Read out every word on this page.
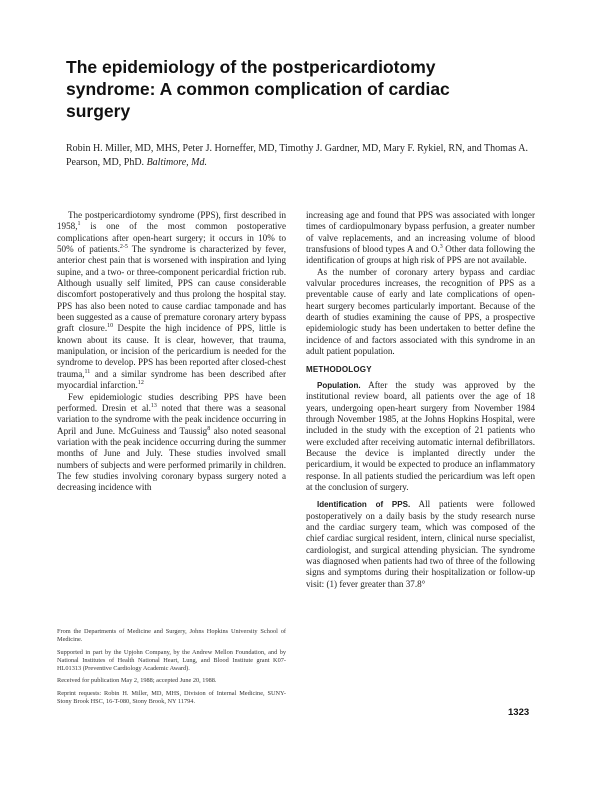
The epidemiology of the postpericardiotomy syndrome: A common complication of cardiac surgery
Robin H. Miller, MD, MHS, Peter J. Horneffer, MD, Timothy J. Gardner, MD, Mary F. Rykiel, RN, and Thomas A. Pearson, MD, PhD. Baltimore, Md.

The postpericardiotomy syndrome (PPS), first described in 1958,$^1$ is one of the most common postoperative complications after open-heart surgery; it occurs in 10% to 50% of patients.$^{2-5}$ The syndrome is characterized by fever, anterior chest pain that is worsened with inspiration and lying supine, and a two- or three-component pericardial friction rub. Although usually self limited, PPS can cause considerable discomfort postoperatively and thus prolong the hospital stay. PPS has also been noted to cause cardiac tamponade and has been suggested as a cause of premature coronary artery bypass graft closure.$^{10}$ Despite the high incidence of PPS, little is known about its cause. It is clear, however, that trauma, manipulation, or incision of the pericardium is needed for the syndrome to develop. PPS has been reported after closed-chest trauma,$^{11}$ and a similar syndrome has been described after myocardial infarction.$^{12}$

Few epidemiologic studies describing PPS have been performed. Dresin et al.$^{13}$ noted that there was a seasonal variation to the syndrome with the peak incidence occurring in April and June. McGuiness and Taussig$^8$ also noted seasonal variation with the peak incidence occurring during the summer months of June and July. These studies involved small numbers of subjects and were performed primarily in children. The few studies involving coronary bypass surgery noted a decreasing incidence with

From the Departments of Medicine and Surgery, Johns Hopkins University School of Medicine.

Supported in part by the Upjohn Company, by the Andrew Mellon Foundation, and by National Institutes of Health National Heart, Lung, and Blood Institute grant K07-HL01313 (Preventive Cardiology Academic Award).

Received for publication May 2, 1988; accepted June 20, 1988.

Reprint requests: Robin H. Miller, MD, MHS, Division of Internal Medicine, SUNY-Stony Brook HSC, 16-T-080, Stony Brook, NY 11794.

increasing age and found that PPS was associated with longer times of cardiopulmonary bypass perfusion, a greater number of valve replacements, and an increasing volume of blood transfusions of blood types A and O.$^3$ Other data following the identification of groups at high risk of PPS are not available.

As the number of coronary artery bypass and cardiac valvular procedures increases, the recognition of PPS as a preventable cause of early and late complications of open-heart surgery becomes particularly important. Because of the dearth of studies examining the cause of PPS, a prospective epidemiologic study has been undertaken to better define the incidence of and factors associated with this syndrome in an adult patient population.

METHODOLOGY

Population. After the study was approved by the institutional review board, all patients over the age of 18 years, undergoing open-heart surgery from November 1984 through November 1985, at the Johns Hopkins Hospital, were included in the study with the exception of 21 patients who were excluded after receiving automatic internal defibrillators. Because the device is implanted directly under the pericardium, it would be expected to produce an inflammatory response. In all patients studied the pericardium was left open at the conclusion of surgery.

Identification of PPS. All patients were followed postoperatively on a daily basis by the study research nurse and the cardiac surgery team, which was composed of the chief cardiac surgical resident, intern, clinical nurse specialist, cardiologist, and surgical attending physician. The syndrome was diagnosed when patients had two of three of the following signs and symptoms during their hospitalization or follow-up visit: (1) fever greater than 37.8°

1323
